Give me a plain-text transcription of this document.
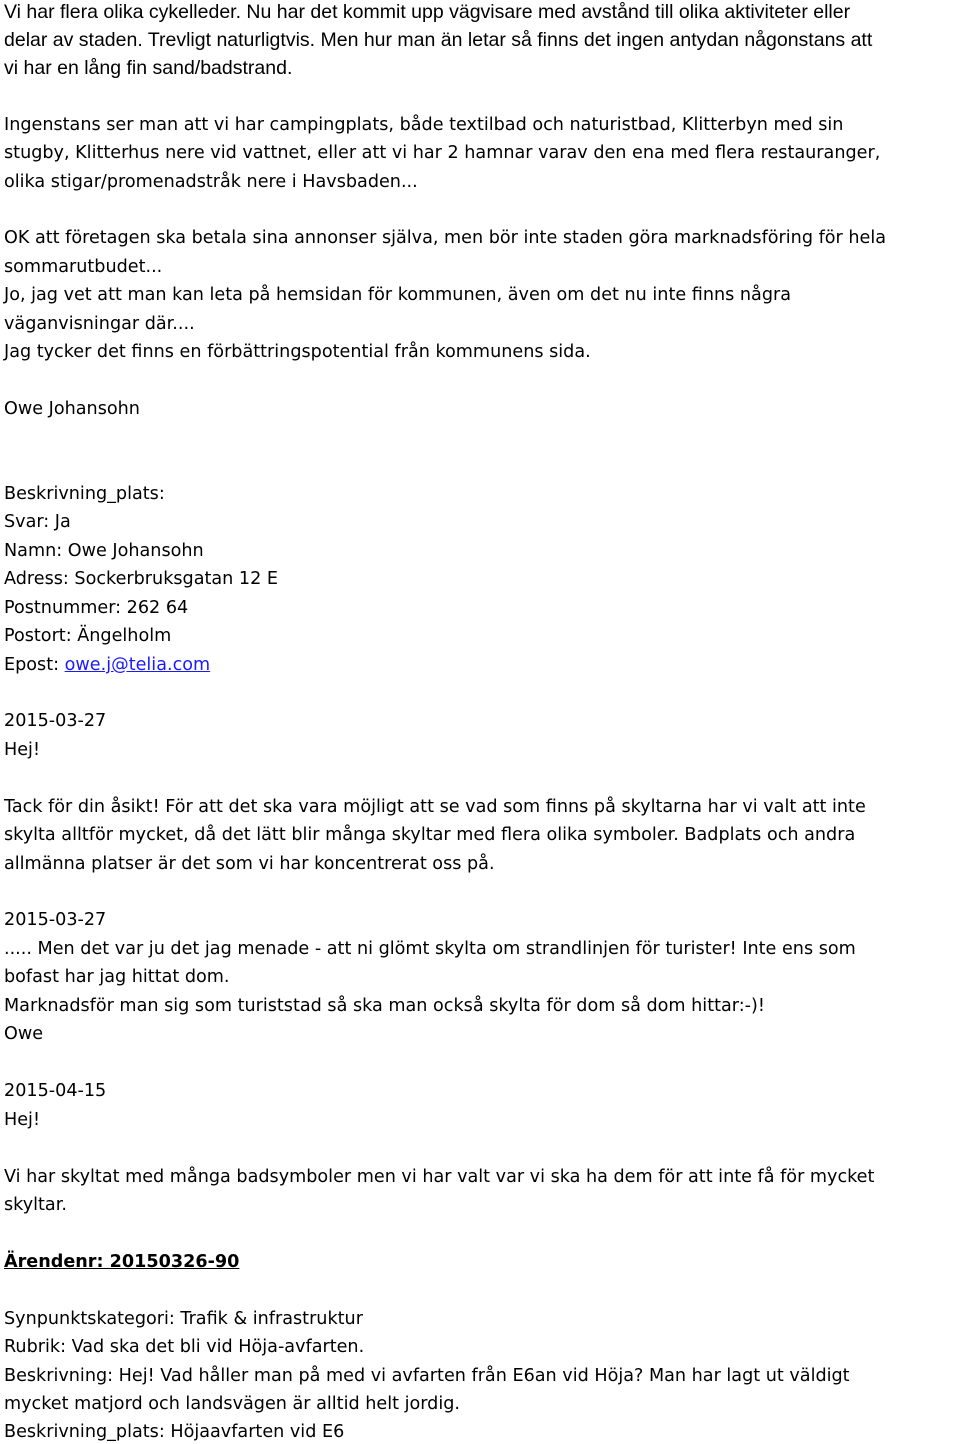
Vi har flera olika cykelleder. Nu har det kommit upp vägvisare med avstånd till olika aktiviteter eller
delar av staden. Trevligt naturligtvis. Men hur man än letar så finns det ingen antydan någonstans att
vi har en lång fin sand/badstrand.
Ingenstans ser man att vi har campingplats, både textilbad och naturistbad, Klitterbyn med sin
stugby, Klitterhus nere vid vattnet, eller att vi har 2 hamnar varav den ena med flera restauranger,
olika stigar/promenadstråk nere i Havsbaden...
OK att företagen ska betala sina annonser själva, men bör inte staden göra marknadsföring för hela
sommarutbudet...
Jo, jag vet att man kan leta på hemsidan för kommunen, även om det nu inte finns några
väganvisningar där....
Jag tycker det finns en förbättringspotential från kommunens sida.
Owe Johansohn
Beskrivning_plats:
Svar: Ja
Namn: Owe Johansohn
Adress: Sockerbruksgatan 12 E
Postnummer: 262 64
Postort: Ängelholm
Epost: owe.j@telia.com
2015-03-27
Hej!
Tack för din åsikt! För att det ska vara möjligt att se vad som finns på skyltarna har vi valt att inte
skylta alltför mycket, då det lätt blir många skyltar med flera olika symboler. Badplats och andra
allmänna platser är det som vi har koncentrerat oss på.
2015-03-27
..... Men det var ju det jag menade - att ni glömt skylta om strandlinjen för turister! Inte ens som
bofast har jag hittat dom.
Marknadsför man sig som turiststad så ska man också skylta för dom så dom hittar:-)!
Owe
2015-04-15
Hej!
Vi har skyltat med många badsymboler men vi har valt var vi ska ha dem för att inte få för mycket
skyltar.
Ärendenr: 20150326-90
Synpunktskategori: Trafik & infrastruktur
Rubrik: Vad ska det bli vid Höja-avfarten.
Beskrivning: Hej! Vad håller man på med vi avfarten från E6an vid Höja? Man har lagt ut väldigt
mycket matjord och landsvägen är alltid helt jordig.
Beskrivning_plats: Höjaavfarten vid E6
